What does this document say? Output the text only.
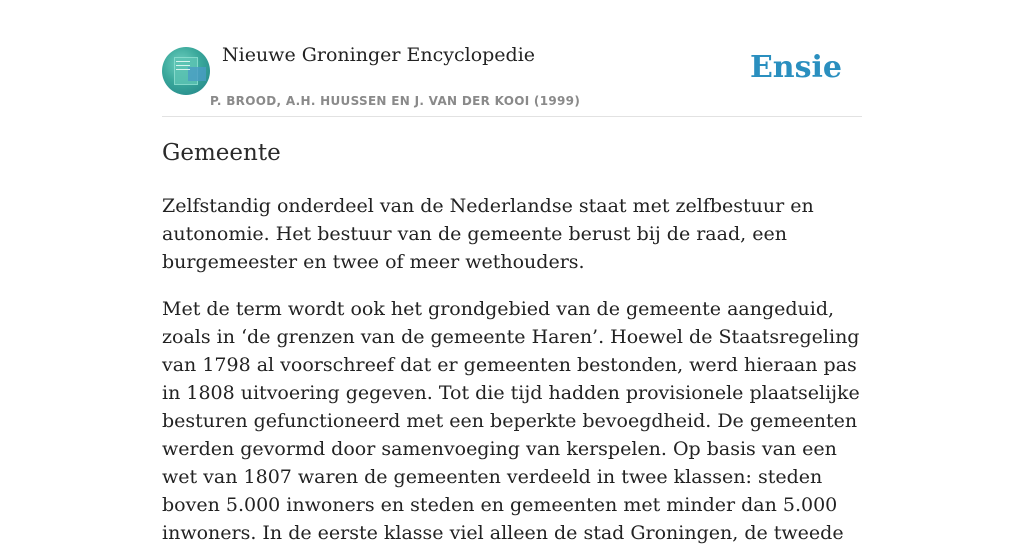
Nieuwe Groninger Encyclopedie
P. BROOD, A.H. HUUSSEN EN J. VAN DER KOOI (1999)
Ensie
Gemeente

Zelfstandig onderdeel van de Nederlandse staat met zelfbestuur en autonomie. Het bestuur van de gemeente berust bij de raad, een burgemeester en twee of meer wethouders.

Met de term wordt ook het grondgebied van de gemeente aangeduid, zoals in ‘de grenzen van de gemeente Haren’. Hoewel de Staatsregeling van 1798 al voorschreef dat er gemeenten bestonden, werd hieraan pas in 1808 uitvoering gegeven. Tot die tijd hadden provisionele plaatselijke besturen gefunctioneerd met een beperkte bevoegdheid. De gemeenten werden gevormd door samenvoeging van kerspelen. Op basis van een wet van 1807 waren de gemeenten verdeeld in twee klassen: steden boven 5.000 inwoners en steden en gemeenten met minder dan 5.000 inwoners. In de eerste klasse viel alleen de stad Groningen, de tweede
